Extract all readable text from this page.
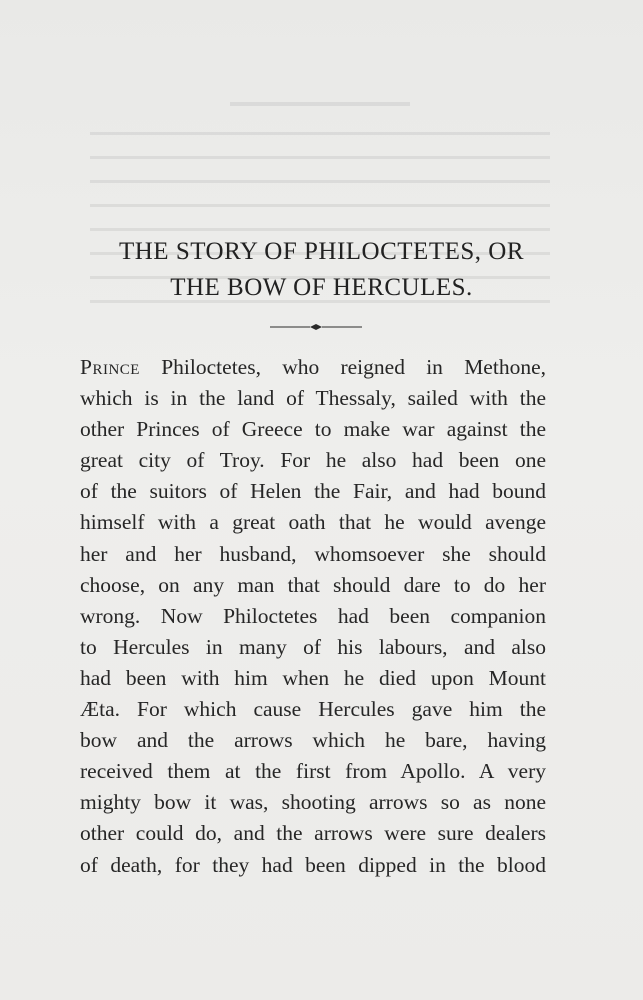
THE STORY OF PHILOCTETES, OR
THE BOW OF HERCULES.
Prince Philoctetes, who reigned in Methone,
which is in the land of Thessaly, sailed with the
other Princes of Greece to make war against the
great city of Troy. For he also had been one
of the suitors of Helen the Fair, and had bound
himself with a great oath that he would avenge
her and her husband, whomsoever she should
choose, on any man that should dare to do her
wrong. Now Philoctetes had been companion
to Hercules in many of his labours, and also
had been with him when he died upon Mount
Æta. For which cause Hercules gave him the
bow and the arrows which he bare, having
received them at the first from Apollo. A very
mighty bow it was, shooting arrows so as none
other could do, and the arrows were sure dealers
of death, for they had been dipped in the blood
